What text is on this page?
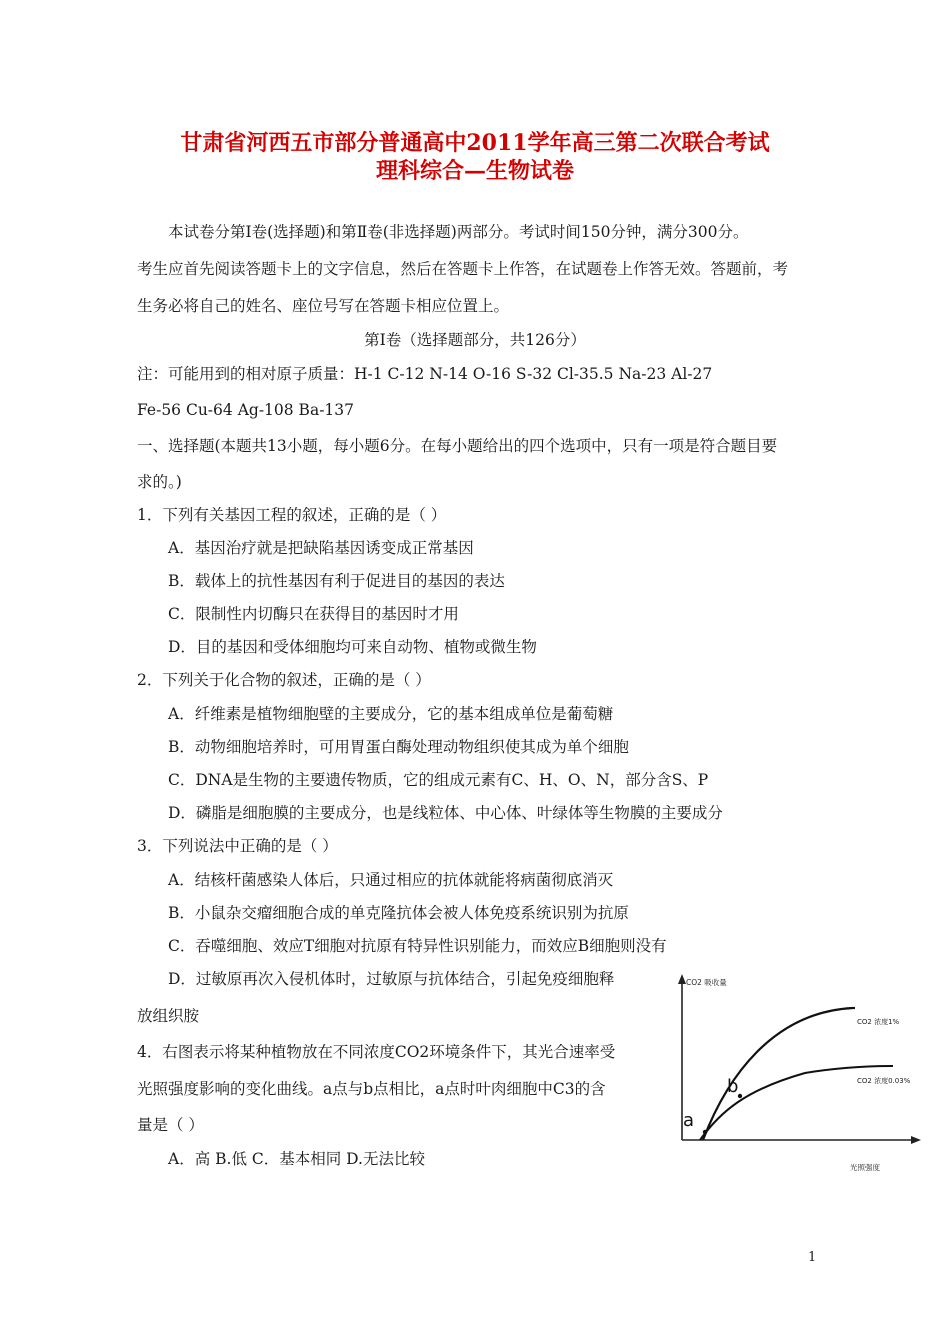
甘肃省河西五市部分普通高中2011学年高三第二次联合考试
理科综合—生物试卷
本试卷分第Ⅰ卷(选择题)和第Ⅱ卷(非选择题)两部分。考试时间150分钟，满分300分。
考生应首先阅读答题卡上的文字信息，然后在答题卡上作答，在试题卷上作答无效。答题前，考
生务必将自己的姓名、座位号写在答题卡相应位置上。
第Ⅰ卷（选择题部分，共126分）
注：可能用到的相对原子质量：H-1 C-12 N-14 O-16 S-32 Cl-35.5 Na-23 Al-27
Fe-56 Cu-64 Ag-108 Ba-137
一、选择题(本题共13小题，每小题6分。在每小题给出的四个选项中，只有一项是符合题目要
求的。)
1．下列有关基因工程的叙述，正确的是（ ）
A．基因治疗就是把缺陷基因诱变成正常基因
B．载体上的抗性基因有利于促进目的基因的表达
C．限制性内切酶只在获得目的基因时才用
D．目的基因和受体细胞均可来自动物、植物或微生物
2．下列关于化合物的叙述，正确的是（ ）
A．纤维素是植物细胞壁的主要成分，它的基本组成单位是葡萄糖
B．动物细胞培养时，可用胃蛋白酶处理动物组织使其成为单个细胞
C．DNA是生物的主要遗传物质，它的组成元素有C、H、O、N，部分含S、P
D．磷脂是细胞膜的主要成分，也是线粒体、中心体、叶绿体等生物膜的主要成分
3．下列说法中正确的是（ ）
A．结核杆菌感染人体后，只通过相应的抗体就能将病菌彻底消灭
B．小鼠杂交瘤细胞合成的单克隆抗体会被人体免疫系统识别为抗原
C．吞噬细胞、效应T细胞对抗原有特异性识别能力，而效应B细胞则没有
D．过敏原再次入侵机体时，过敏原与抗体结合，引起免疫细胞释
放组织胺
4．右图表示将某种植物放在不同浓度CO2环境条件下，其光合速率受
光照强度影响的变化曲线。a点与b点相比，a点时叶肉细胞中C3的含
量是（ ）
A．高 B.低 C．基本相同 D.无法比较
CO2 吸收量
光照强度
CO2 浓度1%
CO2 浓度0.03%
a
b
1
